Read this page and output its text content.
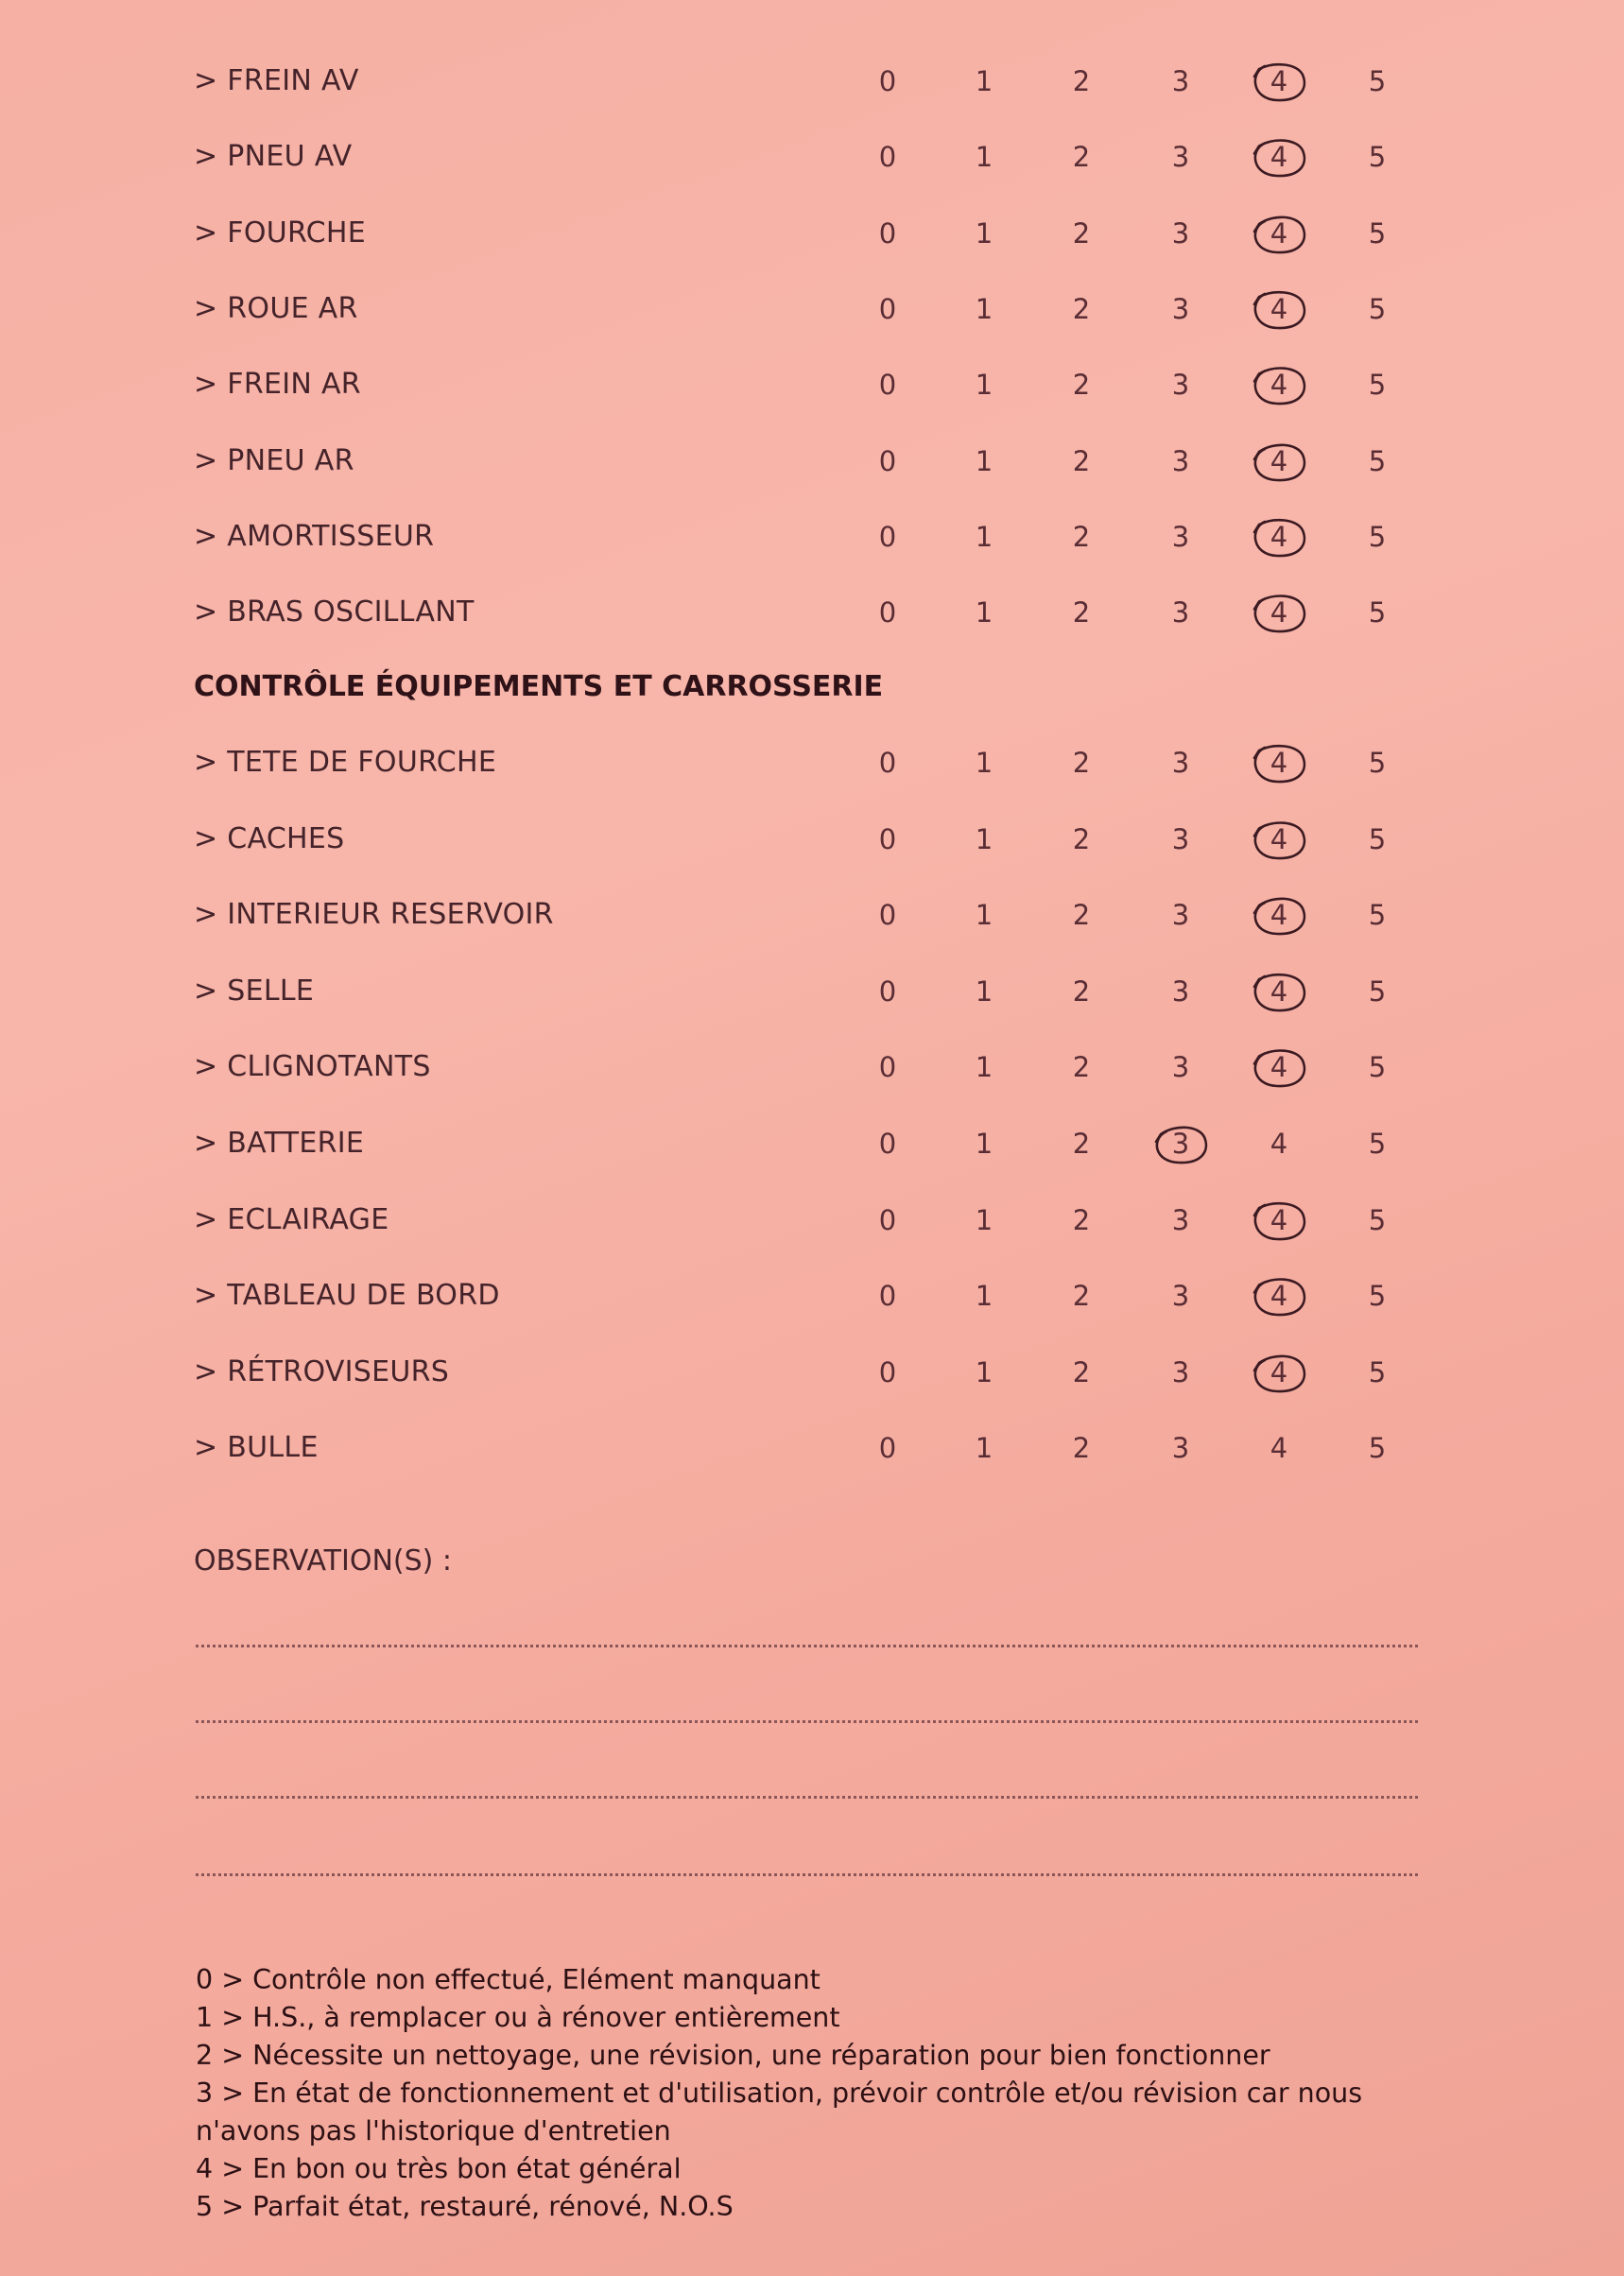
> FREIN AV	0	1	2	3	4	5
> PNEU AV	0	1	2	3	4	5
> FOURCHE	0	1	2	3	4	5
> ROUE AR	0	1	2	3	4	5
> FREIN AR	0	1	2	3	4	5
> PNEU AR	0	1	2	3	4	5
> AMORTISSEUR	0	1	2	3	4	5
> BRAS OSCILLANT	0	1	2	3	4	5
CONTRÔLE ÉQUIPEMENTS ET CARROSSERIE
> TETE DE FOURCHE	0	1	2	3	4	5
> CACHES	0	1	2	3	4	5
> INTERIEUR RESERVOIR	0	1	2	3	4	5
> SELLE	0	1	2	3	4	5
> CLIGNOTANTS	0	1	2	3	4	5
> BATTERIE	0	1	2	3	4	5
> ECLAIRAGE	0	1	2	3	4	5
> TABLEAU DE BORD	0	1	2	3	4	5
> RÉTROVISEURS	0	1	2	3	4	5
> BULLE	0	1	2	3	4	5
OBSERVATION(S) :
0 > Contrôle non effectué, Elément manquant
1 > H.S., à remplacer ou à rénover entièrement
2 > Nécessite un nettoyage, une révision, une réparation pour bien fonctionner
3 > En état de fonctionnement et d'utilisation, prévoir contrôle et/ou révision car nous
n'avons pas l'historique d'entretien
4 > En bon ou très bon état général
5 > Parfait état, restauré, rénové, N.O.S
